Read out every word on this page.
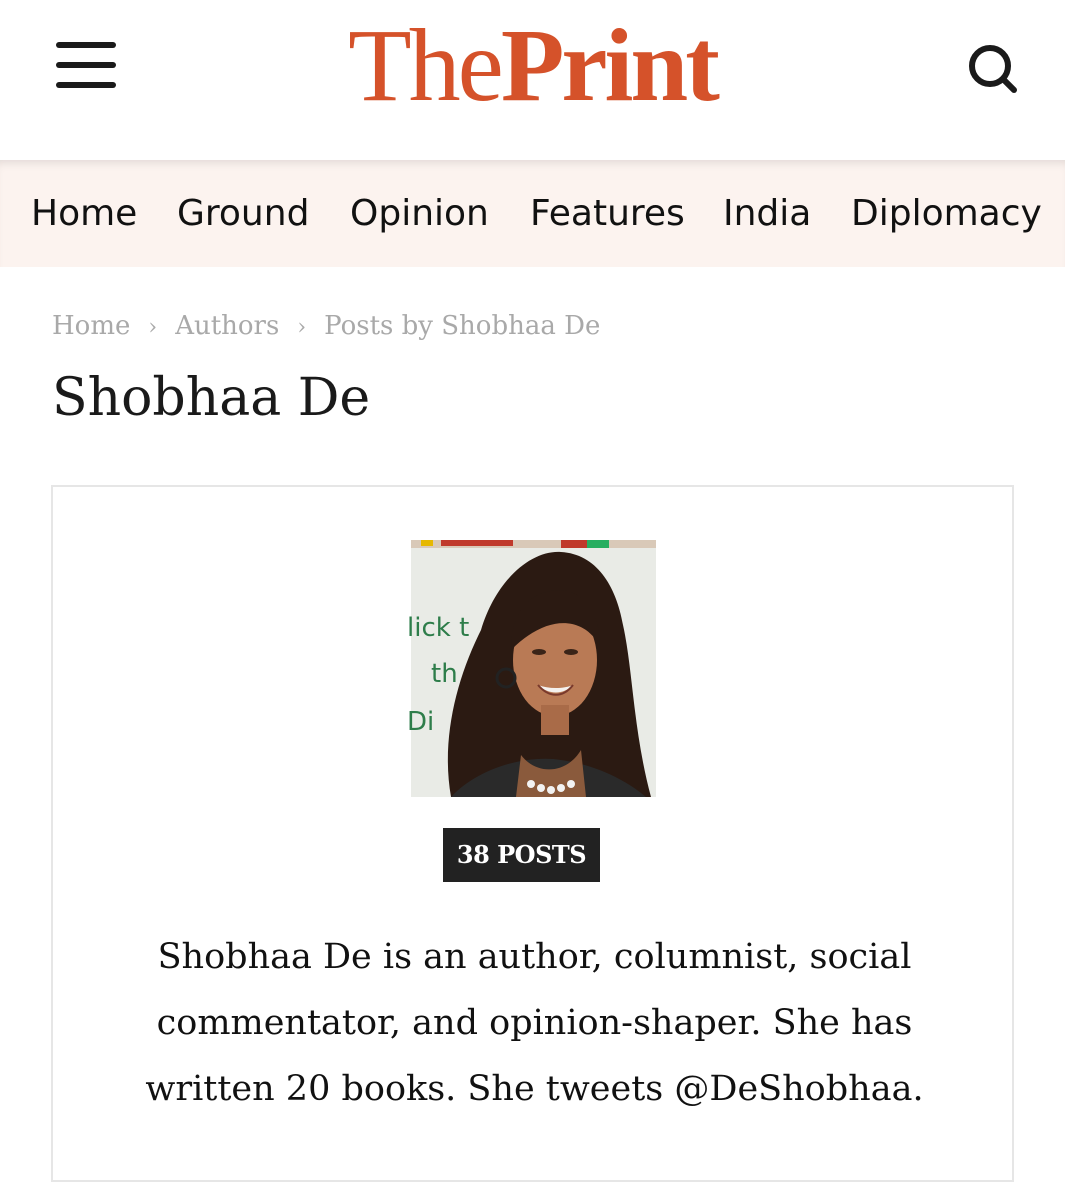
ThePrint
Home Ground Opinion Features India Diplomacy
Home › Authors › Posts by Shobhaa De
Shobhaa De
lick t
th
Di
38 POSTS

Shobhaa De is an author, columnist, social commentator, and opinion-shaper. She has written 20 books. She tweets @DeShobhaa.
